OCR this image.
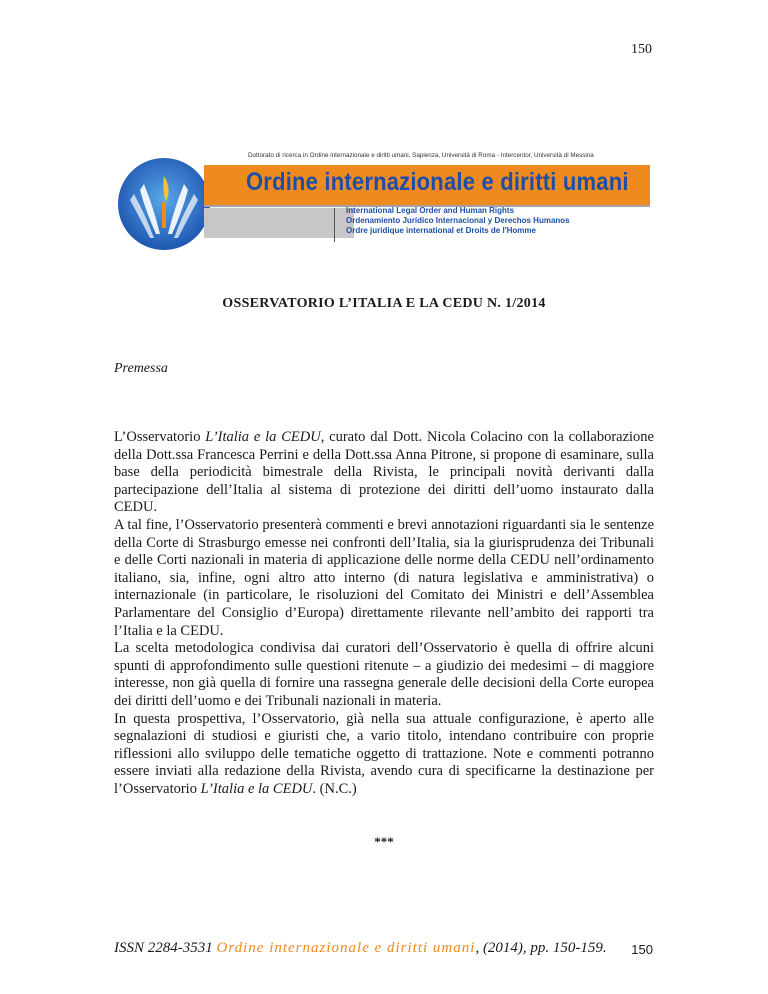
150
Dottorato di ricerca in Ordine internazionale e diritti umani, Sapienza, Università di Roma - Intercentor, Università di Messina
Ordine internazionale e diritti umani
International Legal Order and Human Rights
Ordenamiento Jurídico Internacional y Derechos Humanos
Ordre juridique international et Droits de l'Homme
OSSERVATORIO L’ITALIA E LA CEDU N. 1/2014
Premessa

L’Osservatorio L’Italia e la CEDU, curato dal Dott. Nicola Colacino con la collaborazione della Dott.ssa Francesca Perrini e della Dott.ssa Anna Pitrone, si propone di esaminare, sulla base della periodicità bimestrale della Rivista, le principali novità derivanti dalla partecipazione dell’Italia al sistema di protezione dei diritti dell’uomo instaurato dalla CEDU.

A tal fine, l’Osservatorio presenterà commenti e brevi annotazioni riguardanti sia le sentenze della Corte di Strasburgo emesse nei confronti dell’Italia, sia la giurisprudenza dei Tribunali e delle Corti nazionali in materia di applicazione delle norme della CEDU nell’ordinamento italiano, sia, infine, ogni altro atto interno (di natura legislativa e amministrativa) o internazionale (in particolare, le risoluzioni del Comitato dei Ministri e dell’Assemblea Parlamentare del Consiglio d’Europa) direttamente rilevante nell’ambito dei rapporti tra l’Italia e la CEDU.

La scelta metodologica condivisa dai curatori dell’Osservatorio è quella di offrire alcuni spunti di approfondimento sulle questioni ritenute – a giudizio dei medesimi – di maggiore interesse, non già quella di fornire una rassegna generale delle decisioni della Corte europea dei diritti dell’uomo e dei Tribunali nazionali in materia.

In questa prospettiva, l’Osservatorio, già nella sua attuale configurazione, è aperto alle segnalazioni di studiosi e giuristi che, a vario titolo, intendano contribuire con proprie riflessioni allo sviluppo delle tematiche oggetto di trattazione. Note e commenti potranno essere inviati alla redazione della Rivista, avendo cura di specificarne la destinazione per l’Osservatorio L’Italia e la CEDU. (N.C.)

***
ISSN 2284-3531 Ordine internazionale e diritti umani, (2014), pp. 150-159. 150
